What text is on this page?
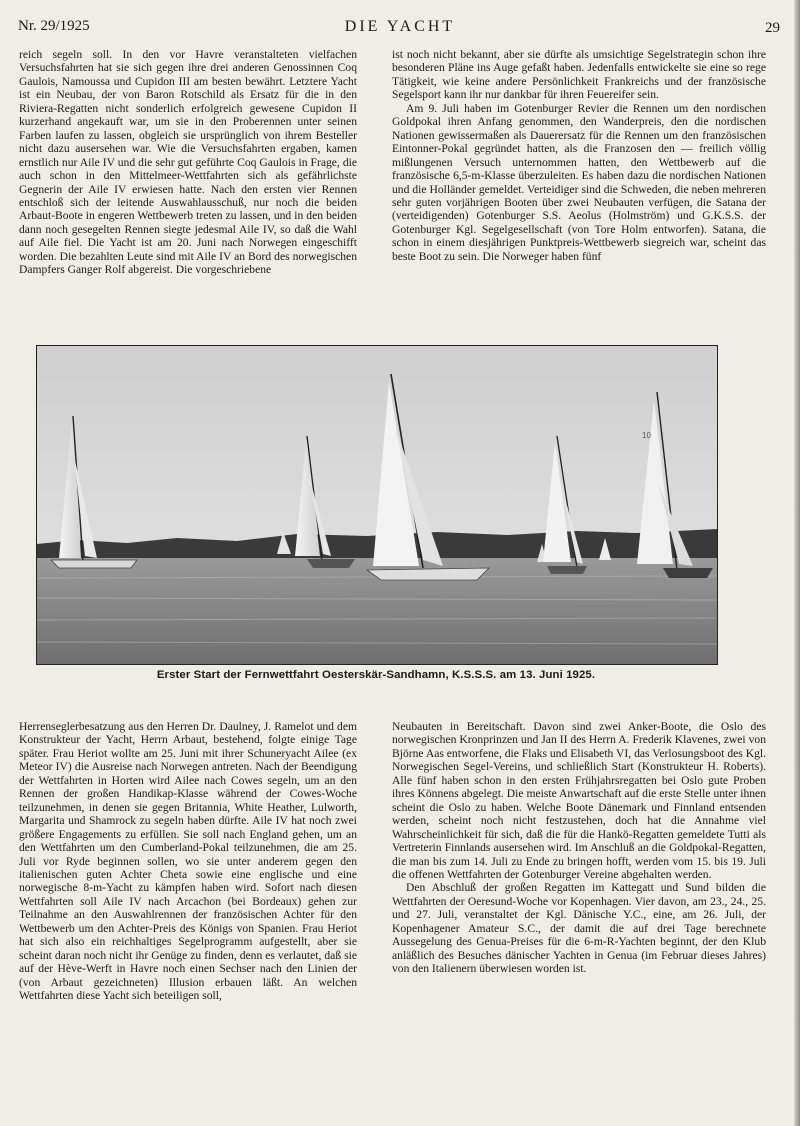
Nr. 29/1925	DIE YACHT	29

reich segeln soll. In den vor Havre veranstalteten vielfachen Versuchsfahrten hat sie sich gegen ihre drei anderen Genossinnen Coq Gaulois, Namoussa und Cupidon III am besten bewährt. Letztere Yacht ist ein Neubau, der von Baron Rotschild als Ersatz für die in den Riviera-Regatten nicht sonderlich erfolgreich gewesene Cupidon II kurzerhand angekauft war, um sie in den Proberennen unter seinen Farben laufen zu lassen, obgleich sie ursprünglich von ihrem Besteller nicht dazu ausersehen war. Wie die Versuchsfahrten ergaben, kamen ernstlich nur Aile IV und die sehr gut geführte Coq Gaulois in Frage, die auch schon in den Mittelmeer-Wettfahrten sich als gefährlichste Gegnerin der Aile IV erwiesen hatte. Nach den ersten vier Rennen entschloß sich der leitende Auswahlausschuß, nur noch die beiden Arbaut-Boote in engeren Wettbewerb treten zu lassen, und in den beiden dann noch gesegelten Rennen siegte jedesmal Aile IV, so daß die Wahl auf Aile fiel. Die Yacht ist am 20. Juni nach Norwegen eingeschifft worden. Die bezahlten Leute sind mit Aile IV an Bord des norwegischen Dampfers Ganger Rolf abgereist. Die vorgeschriebene

ist noch nicht bekannt, aber sie dürfte als umsichtige Segelstrategin schon ihre besonderen Pläne ins Auge gefaßt haben. Jedenfalls entwickelte sie eine so rege Tätigkeit, wie keine andere Persönlichkeit Frankreichs und der französische Segelsport kann ihr nur dankbar für ihren Feuereifer sein.

Am 9. Juli haben im Gotenburger Revier die Rennen um den nordischen Goldpokal ihren Anfang genommen, den Wanderpreis, den die nordischen Nationen gewissermaßen als Dauerersatz für die Rennen um den französischen Eintonner-Pokal gegründet hatten, als die Franzosen den — freilich völlig mißlungenen Versuch unternommen hatten, den Wettbewerb auf die französische 6,5-m-Klasse überzuleiten. Es haben dazu die nordischen Nationen und die Holländer gemeldet. Verteidiger sind die Schweden, die neben mehreren sehr guten vorjährigen Booten über zwei Neubauten verfügen, die Satana der (verteidigenden) Gotenburger S.S. Aeolus (Holmström) und G.K.S.S. der Gotenburger Kgl. Segelgesellschaft (von Tore Holm entworfen). Satana, die schon in einem diesjährigen Punktpreis-Wettbewerb siegreich war, scheint das beste Boot zu sein. Die Norweger haben fünf

10
Erster Start der Fernwettfahrt Oesterskär-Sandhamn, K.S.S.S. am 13. Juni 1925.

Herrenseglerbesatzung aus den Herren Dr. Daulney, J. Ramelot und dem Konstrukteur der Yacht, Herrn Arbaut, bestehend, folgte einige Tage später. Frau Heriot wollte am 25. Juni mit ihrer Schuneryacht Ailee (ex Meteor IV) die Ausreise nach Norwegen antreten. Nach der Beendigung der Wettfahrten in Horten wird Ailee nach Cowes segeln, um an den Rennen der großen Handikap-Klasse während der Cowes-Woche teilzunehmen, in denen sie gegen Britannia, White Heather, Lulworth, Margarita und Shamrock zu segeln haben dürfte. Aile IV hat noch zwei größere Engagements zu erfüllen. Sie soll nach England gehen, um an den Wettfahrten um den Cumberland-Pokal teilzunehmen, die am 25. Juli vor Ryde beginnen sollen, wo sie unter anderem gegen den italienischen guten Achter Cheta sowie eine englische und eine norwegische 8-m-Yacht zu kämpfen haben wird. Sofort nach diesen Wettfahrten soll Aile IV nach Arcachon (bei Bordeaux) gehen zur Teilnahme an den Auswahlrennen der französischen Achter für den Wettbewerb um den Achter-Preis des Königs von Spanien. Frau Heriot hat sich also ein reichhaltiges Segelprogramm aufgestellt, aber sie scheint daran noch nicht ihr Genüge zu finden, denn es verlautet, daß sie auf der Hève-Werft in Havre noch einen Sechser nach den Linien der (von Arbaut gezeichneten) Illusion erbauen läßt. An welchen Wettfahrten diese Yacht sich beteiligen soll,

Neubauten in Bereitschaft. Davon sind zwei Anker-Boote, die Oslo des norwegischen Kronprinzen und Jan II des Herrn A. Frederik Klavenes, zwei von Björne Aas entworfene, die Flaks und Elisabeth VI, das Verlosungsboot des Kgl. Norwegischen Segel-Vereins, und schließlich Start (Konstrukteur H. Roberts). Alle fünf haben schon in den ersten Frühjahrsregatten bei Oslo gute Proben ihres Könnens abgelegt. Die meiste Anwartschaft auf die erste Stelle unter ihnen scheint die Oslo zu haben. Welche Boote Dänemark und Finnland entsenden werden, scheint noch nicht festzustehen, doch hat die Annahme viel Wahrscheinlichkeit für sich, daß die für die Hankö-Regatten gemeldete Tutti als Vertreterin Finnlands ausersehen wird. Im Anschluß an die Goldpokal-Regatten, die man bis zum 14. Juli zu Ende zu bringen hofft, werden vom 15. bis 19. Juli die offenen Wettfahrten der Gotenburger Vereine abgehalten werden.

Den Abschluß der großen Regatten im Kattegatt und Sund bilden die Wettfahrten der Oeresund-Woche vor Kopenhagen. Vier davon, am 23., 24., 25. und 27. Juli, veranstaltet der Kgl. Dänische Y.C., eine, am 26. Juli, der Kopenhagener Amateur S.C., der damit die auf drei Tage berechnete Aussegelung des Genua-Preises für die 6-m-R-Yachten beginnt, der den Klub anläßlich des Besuches dänischer Yachten in Genua (im Februar dieses Jahres) von den Italienern überwiesen worden ist.
